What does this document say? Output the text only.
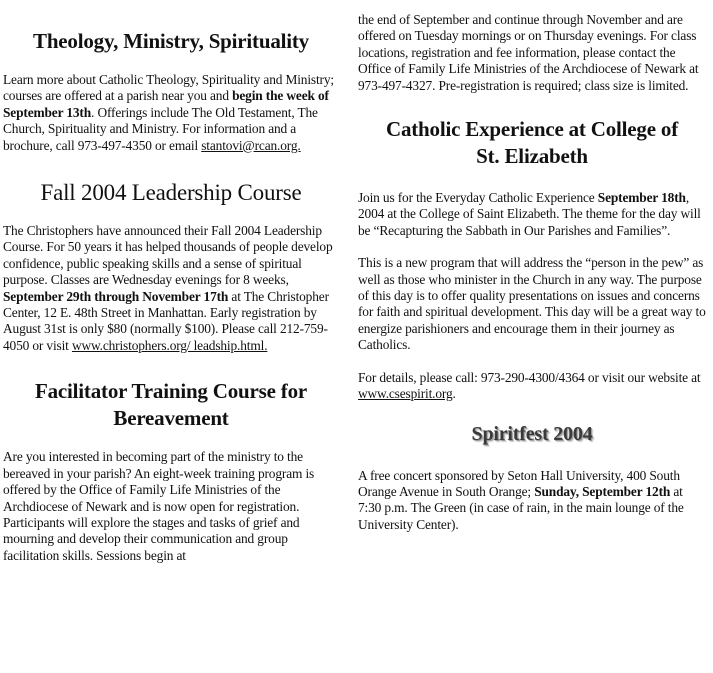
Theology, Ministry, Spirituality

Learn more about Catholic Theology, Spirituality and Ministry; courses are offered at a parish near you and begin the week of September 13th. Offerings include The Old Testament, The Church, Spirituality and Ministry. For information and a brochure, call 973-497-4350 or email stantovi@rcan.org.

Fall 2004 Leadership Course

The Christophers have announced their Fall 2004 Leadership Course. For 50 years it has helped thousands of people develop confidence, public speaking skills and a sense of spiritual purpose. Classes are Wednesday evenings for 8 weeks, September 29th through November 17th at The Christopher Center, 12 E. 48th Street in Manhattan. Early registration by August 31st is only $80 (normally $100). Please call 212-759-4050 or visit www.christophers.org/ leadship.html.

Facilitator Training Course for
Bereavement

Are you interested in becoming part of the ministry to the bereaved in your parish? An eight-week training program is offered by the Office of Family Life Ministries of the Archdiocese of Newark and is now open for registration. Participants will explore the stages and tasks of grief and mourning and develop their communication and group facilitation skills. Sessions begin at

the end of September and continue through November and are offered on Tuesday mornings or on Thursday evenings. For class locations, registration and fee information, please contact the Office of Family Life Ministries of the Archdiocese of Newark at 973-497-4327. Pre-registration is required; class size is limited.

Catholic Experience at College of
St. Elizabeth

Join us for the Everyday Catholic Experience September 18th, 2004 at the College of Saint Elizabeth. The theme for the day will be “Recapturing the Sabbath in Our Parishes and Families”.

This is a new program that will address the “person in the pew” as well as those who minister in the Church in any way. The purpose of this day is to offer quality presentations on issues and concerns for faith and spiritual development. This day will be a great way to energize parishioners and encourage them in their journey as Catholics.

For details, please call: 973-290-4300/4364 or visit our website at www.csespirit.org.

Spiritfest 2004

A free concert sponsored by Seton Hall University, 400 South Orange Avenue in South Orange; Sunday, September 12th at 7:30 p.m. The Green (in case of rain, in the main lounge of the University Center).
